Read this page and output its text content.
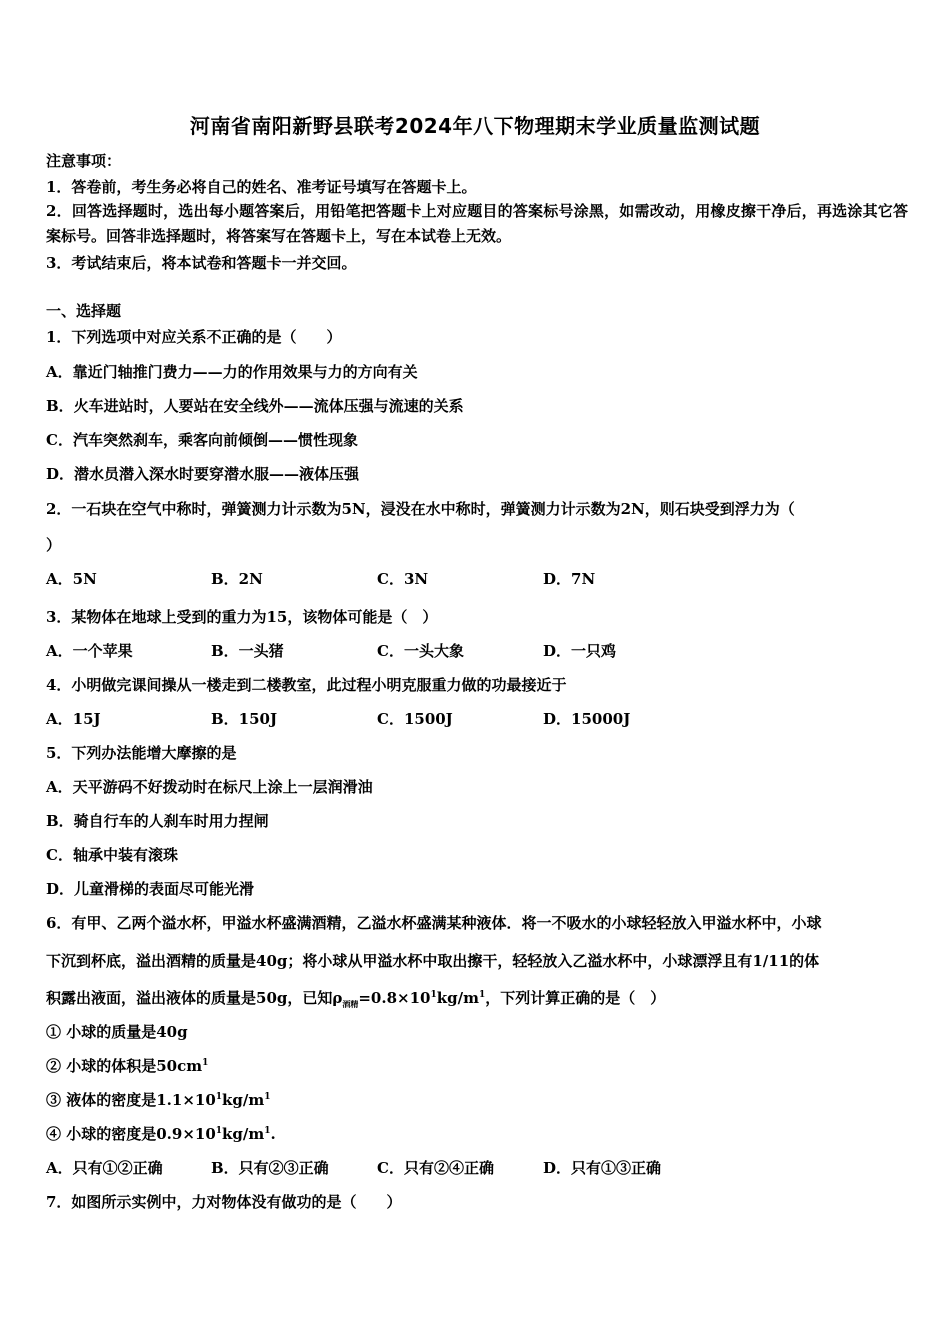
河南省南阳新野县联考2024年八下物理期末学业质量监测试题
注意事项：
1．答卷前，考生务必将自己的姓名、准考证号填写在答题卡上。
2．回答选择题时，选出每小题答案后，用铅笔把答题卡上对应题目的答案标号涂黑，如需改动，用橡皮擦干净后，再选涂其它答案标号。回答非选择题时，将答案写在答题卡上，写在本试卷上无效。
3．考试结束后，将本试卷和答题卡一并交回。
一、选择题
1．下列选项中对应关系不正确的是（　　）
A．靠近门轴推门费力——力的作用效果与力的方向有关
B．火车进站时，人要站在安全线外——流体压强与流速的关系
C．汽车突然刹车，乘客向前倾倒——惯性现象
D．潜水员潜入深水时要穿潜水服——液体压强
2．一石块在空气中称时，弹簧测力计示数为5N，浸没在水中称时，弹簧测力计示数为2N，则石块受到浮力为（
）
A．5N	B．2N	C．3N	D．7N
3．某物体在地球上受到的重力为15，该物体可能是（　）
A．一个苹果	B．一头猪	C．一头大象	D．一只鸡
4．小明做完课间操从一楼走到二楼教室，此过程小明克服重力做的功最接近于
A．15J	B．150J	C．1500J	D．15000J
5．下列办法能增大摩擦的是
A．天平游码不好拨动时在标尺上涂上一层润滑油
B．骑自行车的人刹车时用力捏闸
C．轴承中装有滚珠
D．儿童滑梯的表面尽可能光滑
6．有甲、乙两个溢水杯，甲溢水杯盛满酒精，乙溢水杯盛满某种液体．将一不吸水的小球轻轻放入甲溢水杯中，小球
下沉到杯底，溢出酒精的质量是40g；将小球从甲溢水杯中取出擦干，轻轻放入乙溢水杯中，小球漂浮且有1/11的体
积露出液面，溢出液体的质量是50g，已知$\rho_{酒精}=0.8\times 10^1kg/m^1$，下列计算正确的是（　）
① 小球的质量是40g
② 小球的体积是$50cm^1$
③ 液体的密度是$1.1\times 10^1kg/m^1$
④ 小球的密度是$0.9\times 10^1kg/m^1$.
A．只有①②正确	B．只有②③正确	C．只有②④正确	D．只有①③正确
7．如图所示实例中，力对物体没有做功的是（　　）
